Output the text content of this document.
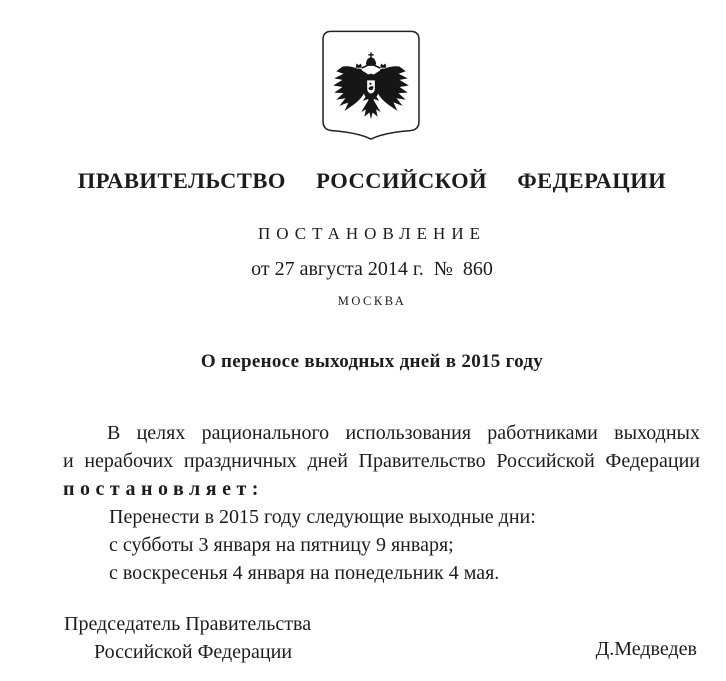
ПРАВИТЕЛЬСТВО  РОССИЙСКОЙ  ФЕДЕРАЦИИ
ПОСТАНОВЛЕНИЕ
от 27 августа 2014 г.  №  860
МОСКВА
О переносе выходных дней в 2015 году
В целях рационального использования работниками выходных
и нерабочих праздничных дней Правительство Российской Федерации
постановляет:
Перенести в 2015 году следующие выходные дни:
с субботы 3 января на пятницу 9 января;
с воскресенья 4 января на понедельник 4 мая.
Председатель Правительства
Российской Федерации	Д.Медведев
